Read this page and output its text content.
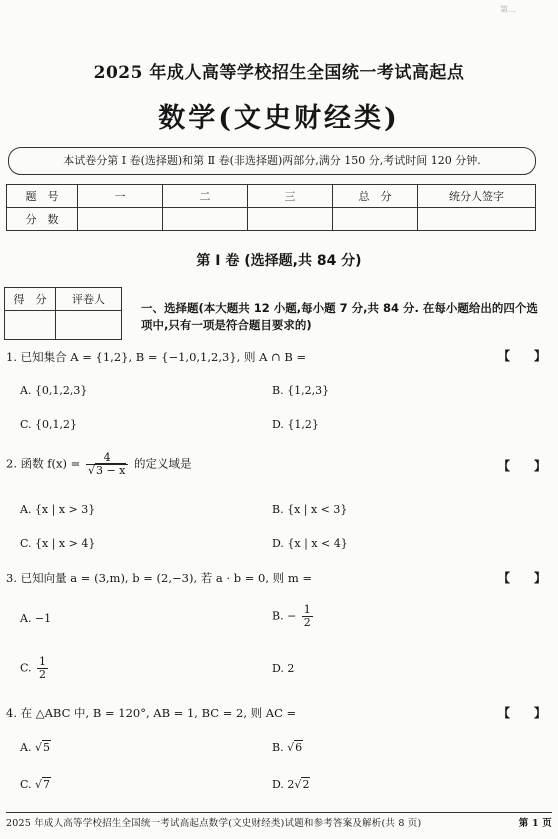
第…
2025 年成人高等学校招生全国统一考试高起点
数学(文史财经类)
本试卷分第 Ⅰ 卷(选择题)和第 Ⅱ 卷(非选择题)两部分,满分 150 分,考试时间 120 分钟.
题　号	一	二	三	总　分	统分人签字
分　数					
第 Ⅰ 卷 (选择题,共 84 分)
得　分	评卷人

一、选择题(本大题共 12 小题,每小题 7 分,共 84 分. 在每小题给出的四个选项中,只有一项是符合题目要求的)
1. 已知集合 A = {1,2}, B = {−1,0,1,2,3}, 则 A ∩ B =	【　　】
A. {0,1,2,3}	B. {1,2,3}
C. {0,1,2}	D. {1,2}
2. 函数 $f(x) = \frac{4}{√3 - x}$ 的定义域是	【　　】
A. {x | x > 3}	B. {x | x < 3}
C. {x | x > 4}	D. {x | x < 4}
3. 已知向量 a = (3,m), b = (2,−3), 若 a · b = 0, 则 m =	【　　】
A. −1	B. − $\frac{1}{2}$
C. $\frac{1}{2}$	D. 2
4. 在 △ABC 中, B = 120°, AB = 1, BC = 2, 则 AC =	【　　】
A. √5	B. √6
C. √7	D. 2√2
2025 年成人高等学校招生全国统一考试高起点数学(文史财经类)试题和参考答案及解析(共 8 页)	第 1 页
